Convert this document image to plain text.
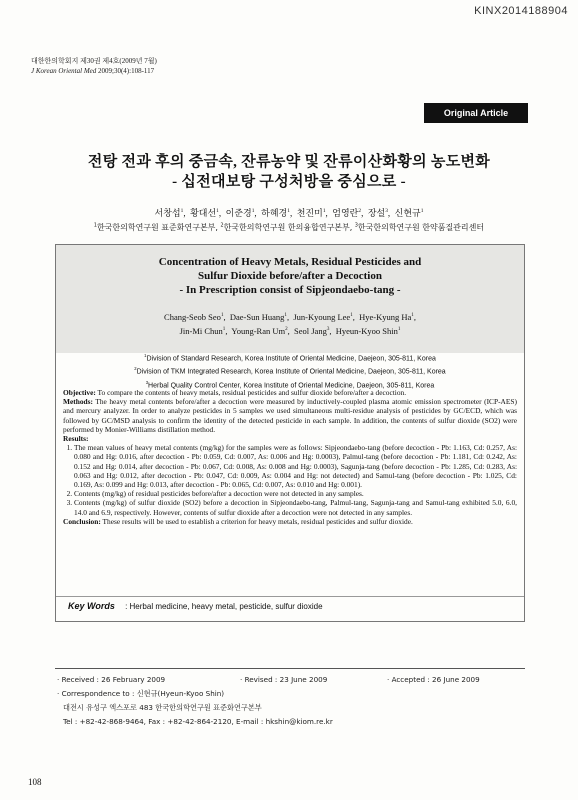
KINX2014188904
대한한의학회지 제30권 제4호(2009년 7월)
J Korean Oriental Med 2009;30(4):108-117
Original Article
전탕 전과 후의 중금속, 잔류농약 및 잔류이산화황의 농도변화
- 십전대보탕 구성처방을 중심으로 -
서창섭$^1$,  황대선$^1$,  이준경$^1$,  하혜경$^1$,  천진미$^1$,  엄영란$^2$,  장설$^3$,  신현규$^1$
$^1$한국한의학연구원 표준화연구본부, $^2$한국한의학연구원 한의융합연구본부, $^3$한국한의학연구원 한약품질관리센터
Concentration of Heavy Metals, Residual Pesticides and
Sulfur Dioxide before/after a Decoction
- In Prescription consist of Sipjeondaebo-tang -
Chang-Seob Seo$^1$,  Dae-Sun Huang$^1$,  Jun-Kyoung Lee$^1$,  Hye-Kyung Ha$^1$,
Jin-Mi Chun$^1$,  Young-Ran Um$^2$,  Seol Jang$^3$,  Hyeun-Kyoo Shin$^1$
$^1$Division of Standard Research, Korea Institute of Oriental Medicine, Daejeon, 305-811, Korea
$^2$Division of TKM Integrated Research, Korea Institute of Oriental Medicine, Daejeon, 305-811, Korea
$^3$Herbal Quality Control Center, Korea Institute of Oriental Medicine, Daejeon, 305-811, Korea

Objective: To compare the contents of heavy metals, residual pesticides and sulfur dioxide before/after a decoction.

Methods: The heavy metal contents before/after a decoction were measured by inductively-coupled plasma atomic emission spectrometer (ICP-AES) and mercury analyzer. In order to analyze pesticides in 5 samples we used simultaneous multi-residue analysis of pesticides by GC/ECD, which was followed by GC/MSD analysis to confirm the identity of the detected pesticide in each sample. In addition, the contents of sulfur dioxide (SO2) were performed by Monier-Williams distillation method.

Results:

1. The mean values of heavy metal contents (mg/kg) for the samples were as follows: Sipjeondaebo-tang (before decoction - Pb: 1.163, Cd: 0.257, As: 0.080 and Hg: 0.016, after decoction - Pb: 0.059, Cd: 0.007, As: 0.006 and Hg: 0.0003), Palmul-tang (before decoction - Pb: 1.181, Cd: 0.242, As: 0.152 and Hg: 0.014, after decoction - Pb: 0.067, Cd: 0.008, As: 0.008 and Hg: 0.0003), Sagunja-tang (before decoction - Pb: 1.285, Cd: 0.283, As: 0.063 and Hg: 0.012, after decoction - Pb: 0.047, Cd: 0.009, As: 0.004 and Hg: not detected) and Samul-tang (before decoction - Pb: 1.025, Cd: 0.169, As: 0.099 and Hg: 0.013, after decoction - Pb: 0.065, Cd: 0.007, As: 0.010 and Hg: 0.001).
2. Contents (mg/kg) of residual pesticides before/after a decoction were not detected in any samples.
3. Contents (mg/kg) of sulfur dioxide (SO2) before a decoction in Sipjeondaebo-tang, Palmul-tang, Sagunja-tang and Samul-tang exhibited 5.0, 6.0, 14.0 and 6.9, respectively. However, contents of sulfur dioxide after a decoction were not detected in any samples.

Conclusion: These results will be used to establish a criterion for heavy metals, residual pesticides and sulfur dioxide.

Key Words : Herbal medicine, heavy metal, pesticide, sulfur dioxide
· Received : 26 February 2009	· Revised : 23 June 2009	· Accepted : 26 June 2009
· Correspondence to : 신현규(Hyeun-Kyoo Shin)
대전시 유성구 엑스포로 483 한국한의학연구원 표준화연구본부
Tel : +82-42-868-9464, Fax : +82-42-864-2120, E-mail : hkshin@kiom.re.kr
108
